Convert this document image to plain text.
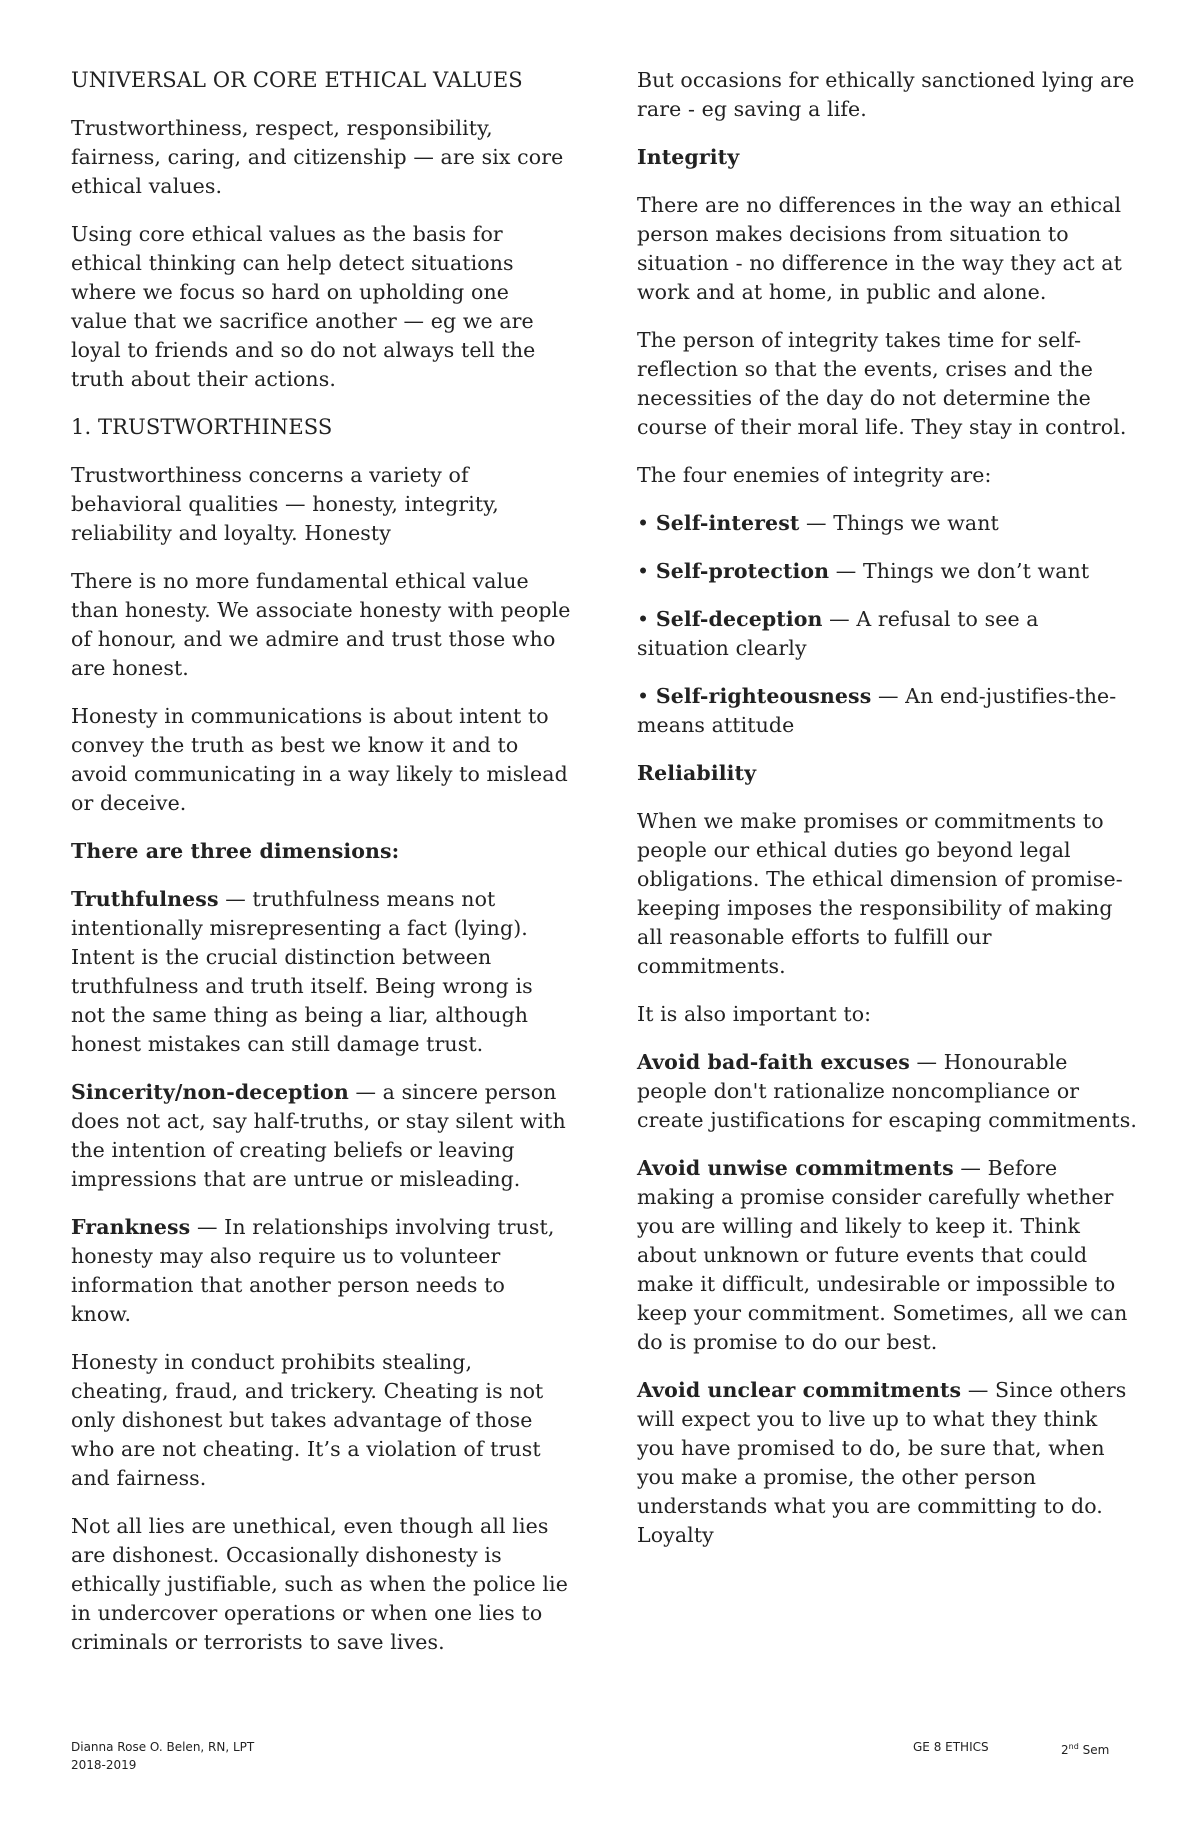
UNIVERSAL OR CORE ETHICAL VALUES

Trustworthiness, respect, responsibility, fairness, caring, and citizenship — are six core ethical values.

Using core ethical values as the basis for ethical thinking can help detect situations where we focus so hard on upholding one value that we sacrifice another — eg we are loyal to friends and so do not always tell the truth about their actions.

1. TRUSTWORTHINESS

Trustworthiness concerns a variety of behavioral qualities — honesty, integrity, reliability and loyalty. Honesty

There is no more fundamental ethical value than honesty. We associate honesty with people of honour, and we admire and trust those who are honest.

Honesty in communications is about intent to convey the truth as best we know it and to avoid communicating in a way likely to mislead or deceive.

There are three dimensions:

Truthfulness — truthfulness means not intentionally misrepresenting a fact (lying). Intent is the crucial distinction between truthfulness and truth itself. Being wrong is not the same thing as being a liar, although honest mistakes can still damage trust.

Sincerity/non-deception — a sincere person does not act, say half-truths, or stay silent with the intention of creating beliefs or leaving impressions that are untrue or misleading.

Frankness — In relationships involving trust, honesty may also require us to volunteer information that another person needs to know.

Honesty in conduct prohibits stealing, cheating, fraud, and trickery. Cheating is not only dishonest but takes advantage of those who are not cheating. It’s a violation of trust and fairness.

Not all lies are unethical, even though all lies are dishonest. Occasionally dishonesty is ethically justifiable, such as when the police lie in undercover operations or when one lies to criminals or terrorists to save lives.

But occasions for ethically sanctioned lying are rare - eg saving a life.

Integrity

There are no differences in the way an ethical person makes decisions from situation to situation - no difference in the way they act at work and at home, in public and alone.

The person of integrity takes time for self-reflection so that the events, crises and the necessities of the day do not determine the course of their moral life. They stay in control.

The four enemies of integrity are:

• Self-interest — Things we want

• Self-protection — Things we don’t want

• Self-deception — A refusal to see a situation clearly

• Self-righteousness — An end-justifies-the-means attitude

Reliability

When we make promises or commitments to people our ethical duties go beyond legal obligations. The ethical dimension of promise-keeping imposes the responsibility of making all reasonable efforts to fulfill our commitments.

It is also important to:

Avoid bad-faith excuses — Honourable people don't rationalize noncompliance or create justifications for escaping commitments.

Avoid unwise commitments — Before making a promise consider carefully whether you are willing and likely to keep it. Think about unknown or future events that could make it difficult, undesirable or impossible to keep your commitment. Sometimes, all we can do is promise to do our best.

Avoid unclear commitments — Since others will expect you to live up to what they think you have promised to do, be sure that, when you make a promise, the other person understands what you are committing to do. Loyalty

Dianna Rose O. Belen, RN, LPT
2018-2019
GE 8 ETHICS	2nd Sem
